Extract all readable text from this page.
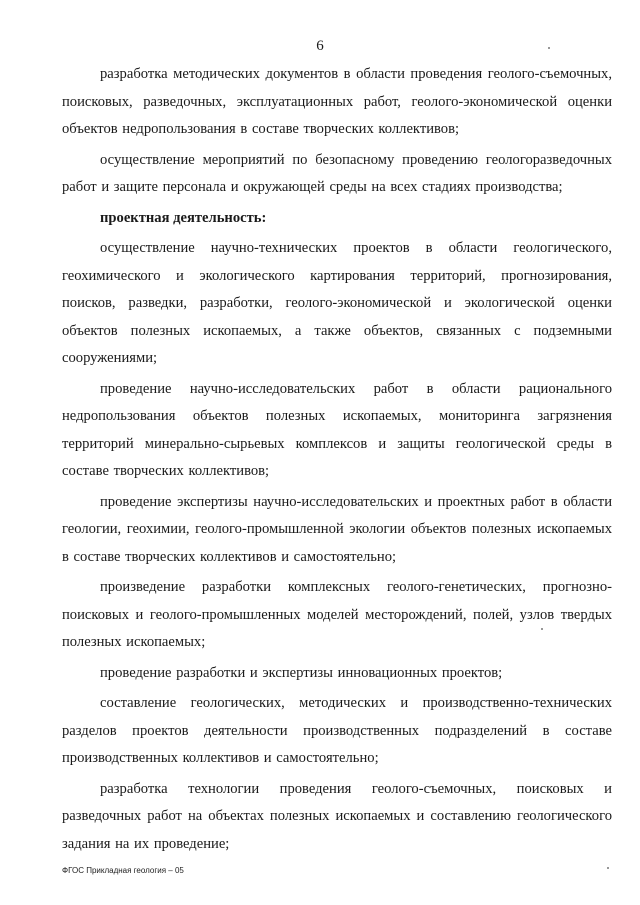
6

разработка методических документов в области проведения геолого-съемочных, поисковых, разведочных, эксплуатационных работ, геолого-экономической оценки объектов недропользования в составе творческих коллективов;

осуществление мероприятий по безопасному проведению геологоразведочных работ и защите персонала и окружающей среды на всех стадиях производства;

проектная деятельность:

осуществление научно-технических проектов в области геологического, геохимического и экологического картирования территорий, прогнозирования, поисков, разведки, разработки, геолого-экономической и экологической оценки объектов полезных ископаемых, а также объектов, связанных с подземными сооружениями;

проведение научно-исследовательских работ в области рационального недропользования объектов полезных ископаемых, мониторинга загрязнения территорий минерально-сырьевых комплексов и защиты геологической среды в составе творческих коллективов;

проведение экспертизы научно-исследовательских и проектных работ в области геологии, геохимии, геолого-промышленной экологии объектов полезных ископаемых в составе творческих коллективов и самостоятельно;

произведение разработки комплексных геолого-генетических, прогнозно-поисковых и геолого-промышленных моделей месторождений, полей, узлов твердых полезных ископаемых;

проведение разработки и экспертизы инновационных проектов;

составление геологических, методических и производственно-технических разделов проектов деятельности производственных подразделений в составе производственных коллективов и самостоятельно;

разработка технологии проведения геолого-съемочных, поисковых и разведочных работ на объектах полезных ископаемых и составлению геологического задания на их проведение;

ФГОС Прикладная геология – 05
